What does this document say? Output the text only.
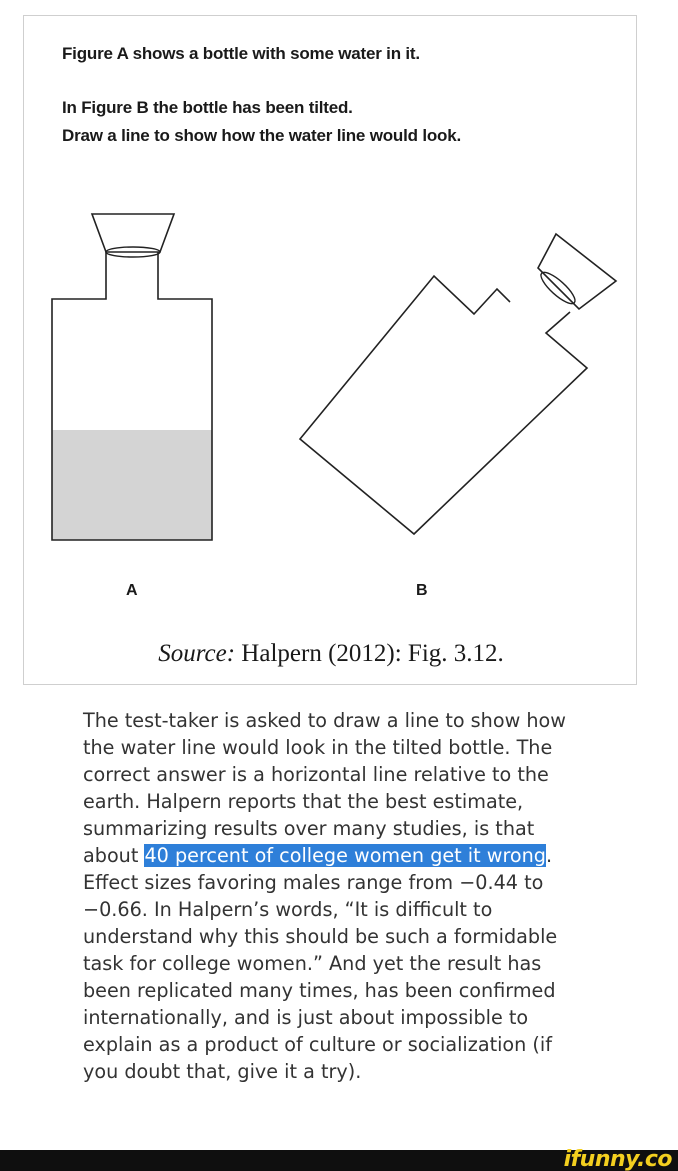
Figure A shows a bottle with some water in it.
In Figure B the bottle has been tilted.
Draw a line to show how the water line would look.
A	B
Source: Halpern (2012): Fig. 3.12.
The test-taker is asked to draw a line to show how the water line would look in the tilted bottle. The correct answer is a horizontal line relative to the earth. Halpern reports that the best estimate, summarizing results over many studies, is that about 40 percent of college women get it wrong. Effect sizes favoring males range from −0.44 to −0.66. In Halpern’s words, “It is difficult to understand why this should be such a formidable task for college women.” And yet the result has been replicated many times, has been confirmed internationally, and is just about impossible to explain as a product of culture or socialization (if you doubt that, give it a try).
ifunny.co
